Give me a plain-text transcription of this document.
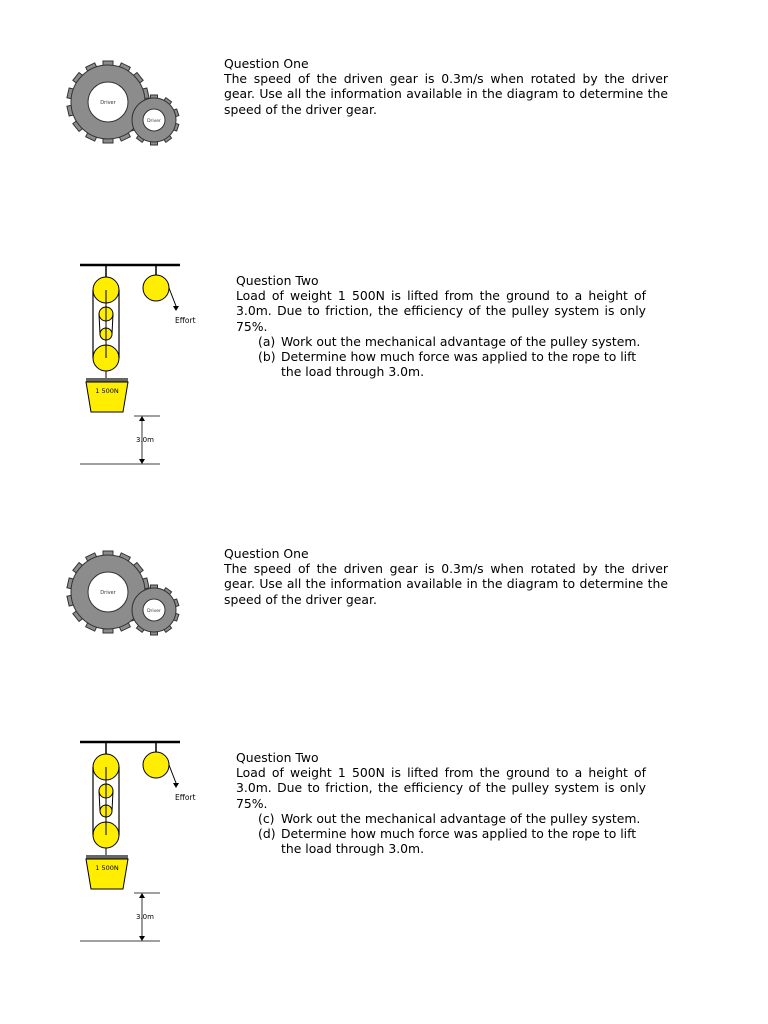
Driver
Driver

Question One

The speed of the driven gear is 0.3m/s when rotated by the driver gear. Use all the information available in the diagram to determine the speed of the driver gear.

Effort
1 500N
3.0m

Question Two

Load of weight 1 500N is lifted from the ground to a height of 3.0m. Due to friction, the efficiency of the pulley system is only 75%.

(a) Work out the mechanical advantage of the pulley system.
(b) Determine how much force was applied to the rope to lift the load through 3.0m.
Driver
Driver

Question One

The speed of the driven gear is 0.3m/s when rotated by the driver gear. Use all the information available in the diagram to determine the speed of the driver gear.

Effort
1 500N
3.0m

Question Two

Load of weight 1 500N is lifted from the ground to a height of 3.0m. Due to friction, the efficiency of the pulley system is only 75%.

(c) Work out the mechanical advantage of the pulley system.
(d) Determine how much force was applied to the rope to lift the load through 3.0m.
